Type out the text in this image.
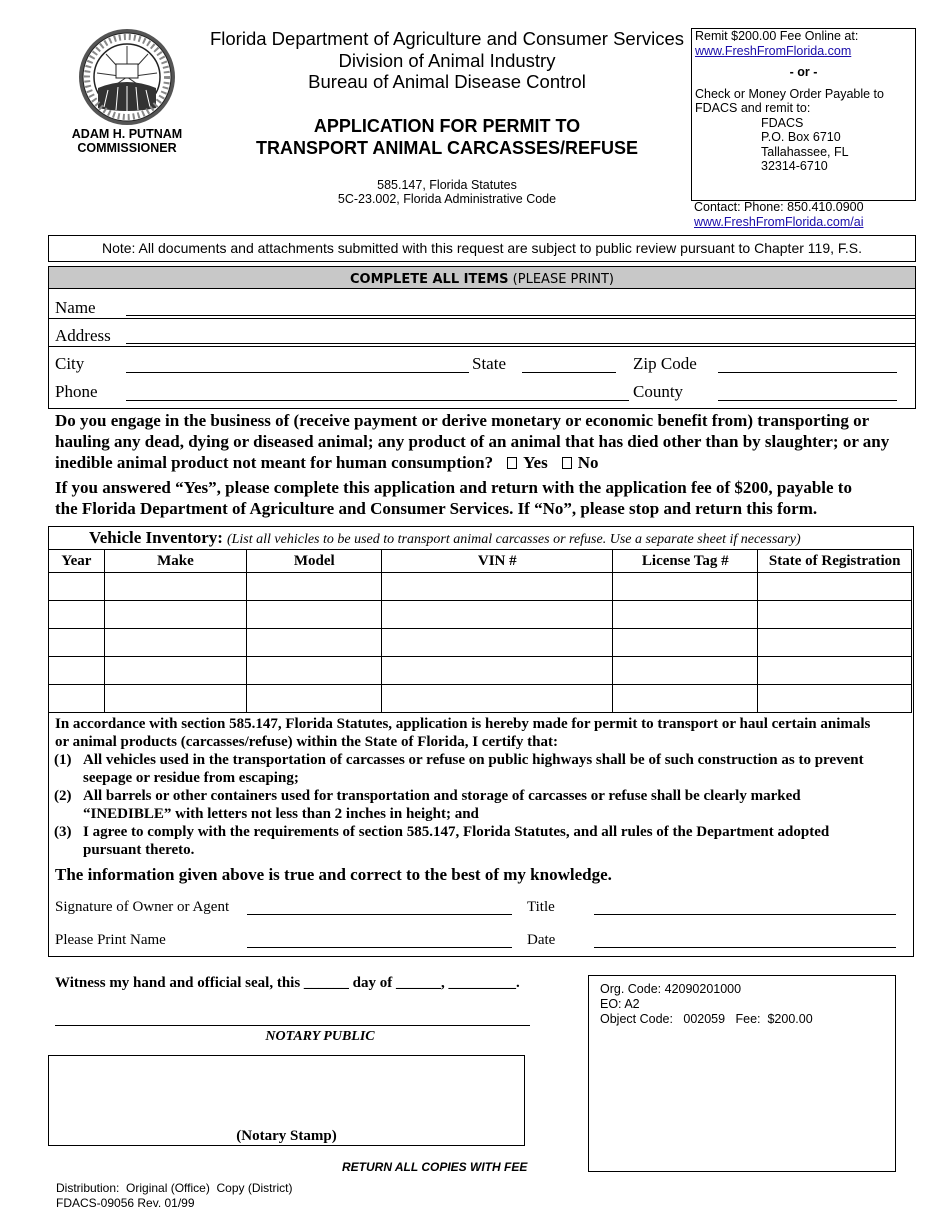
ADAM H. PUTNAM
COMMISSIONER
Florida Department of Agriculture and Consumer Services
Division of Animal Industry
Bureau of Animal Disease Control
APPLICATION FOR PERMIT TO
TRANSPORT ANIMAL CARCASSES/REFUSE
585.147, Florida Statutes
5C-23.002, Florida Administrative Code
Remit $200.00 Fee Online at:
www.FreshFromFlorida.com
- or -
Check or Money Order Payable to
FDACS and remit to:
FDACS
P.O. Box 6710
Tallahassee, FL
32314-6710
Contact: Phone: 850.410.0900
www.FreshFromFlorida.com/ai
Note: All documents and attachments submitted with this request are subject to public review pursuant to Chapter 119, F.S.
COMPLETE ALL ITEMS (PLEASE PRINT)
Name
Address
City	State	Zip Code
Phone	County
Do you engage in the business of (receive payment or derive monetary or economic benefit from) transporting or
hauling any dead, dying or diseased animal; any product of an animal that has died other than by slaughter; or any
inedible animal product not meant for human consumption? Yes No
If you answered “Yes”, please complete this application and return with the application fee of $200, payable to
the Florida Department of Agriculture and Consumer Services. If “No”, please stop and return this form.
Vehicle Inventory: (List all vehicles to be used to transport animal carcasses or refuse. Use a separate sheet if necessary)
Year	Make	Model	VIN #	License Tag #	State of Registration

In accordance with section 585.147, Florida Statutes, application is hereby made for permit to transport or haul certain animals
or animal products (carcasses/refuse) within the State of Florida, I certify that:
(1) All vehicles used in the transportation of carcasses or refuse on public highways shall be of such construction as to prevent
seepage or residue from escaping;
(2) All barrels or other containers used for transportation and storage of carcasses or refuse shall be clearly marked
“INEDIBLE” with letters not less than 2 inches in height; and
(3) I agree to comply with the requirements of section 585.147, Florida Statutes, and all rules of the Department adopted
pursuant thereto.
The information given above is true and correct to the best of my knowledge.
Signature of Owner or Agent	Title
Please Print Name	Date
Witness my hand and official seal, this ______ day of ______, _________.
NOTARY PUBLIC
(Notary Stamp)
Org. Code: 42090201000
EO: A2
Object Code:   002059   Fee:  $200.00
RETURN ALL COPIES WITH FEE
Distribution:  Original (Office)  Copy (District)
FDACS-09056 Rev. 01/99
